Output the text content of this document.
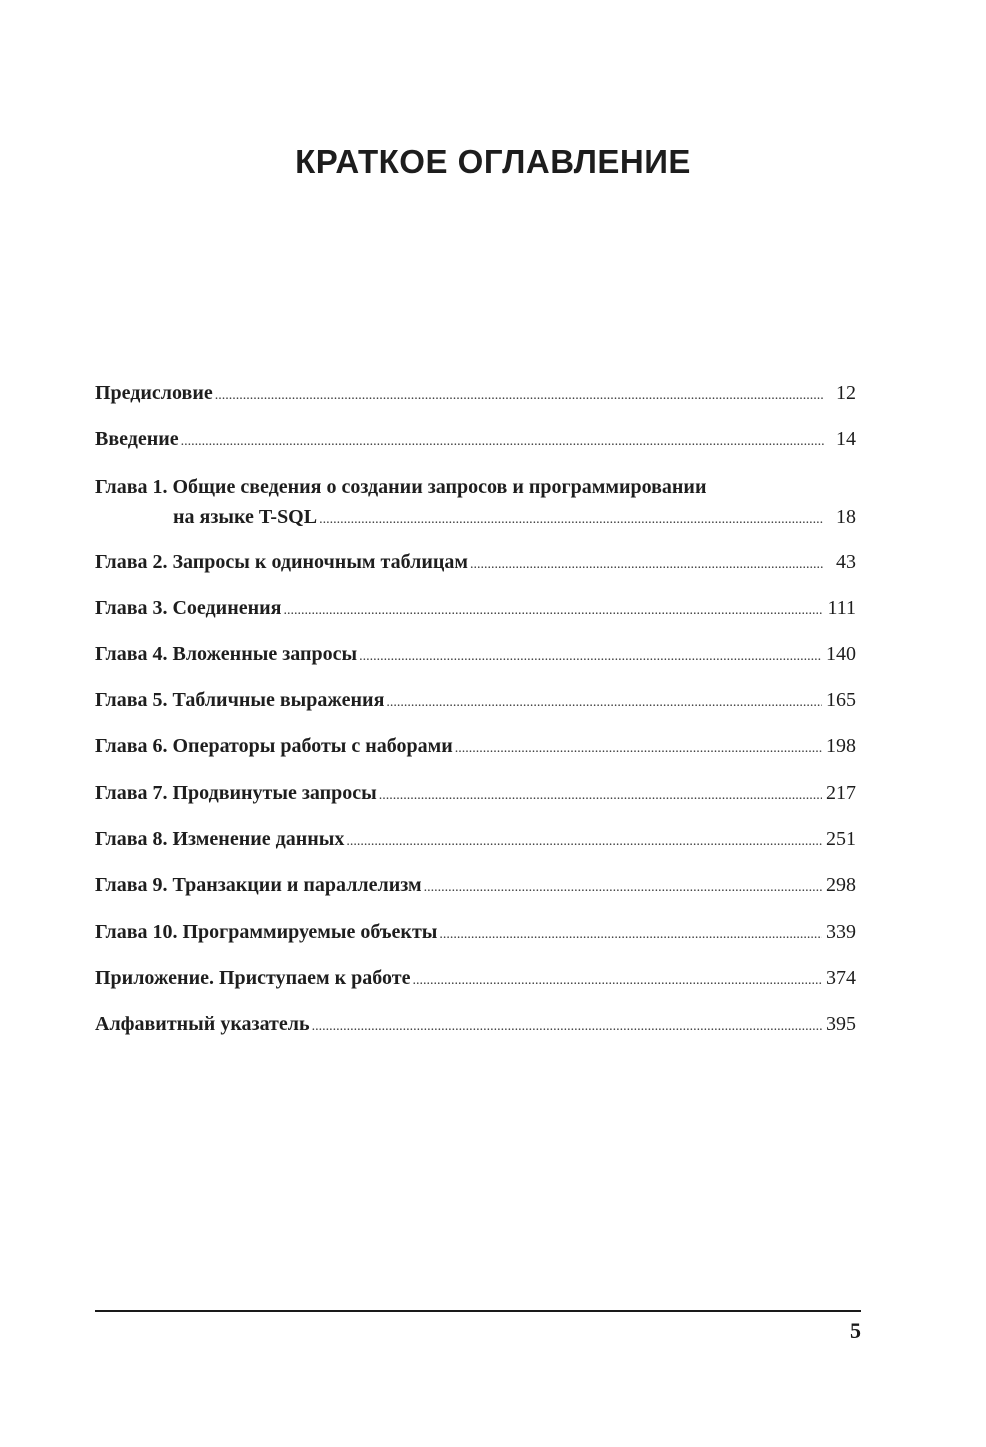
КРАТКОЕ ОГЛАВЛЕНИЕ
Предисловие .....	12
Введение .....	14
Глава 1. Общие сведения о создании запросов и программировании
на языке T-SQL .....	18
Глава 2. Запросы к одиночным таблицам .....	43
Глава 3. Соединения .....	111
Глава 4. Вложенные запросы .....	140
Глава 5. Табличные выражения .....	165
Глава 6. Операторы работы с наборами .....	198
Глава 7. Продвинутые запросы .....	217
Глава 8. Изменение данных .....	251
Глава 9. Транзакции и параллелизм .....	298
Глава 10. Программируемые объекты .....	339
Приложение. Приступаем к работе .....	374
Алфавитный указатель .....	395
5
